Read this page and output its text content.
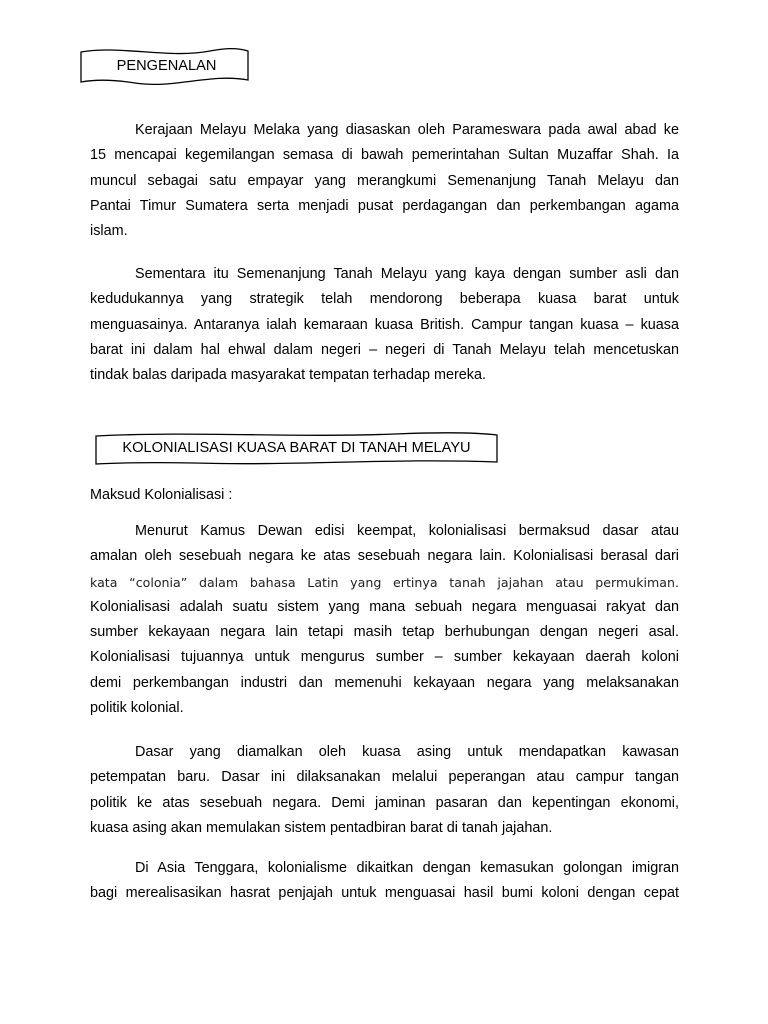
PENGENALAN
Kerajaan Melayu Melaka yang diasaskan oleh Parameswara pada awal abad ke
15 mencapai kegemilangan semasa di bawah pemerintahan Sultan Muzaffar Shah. Ia
muncul sebagai satu empayar yang merangkumi Semenanjung Tanah Melayu dan
Pantai Timur Sumatera serta menjadi pusat perdagangan dan perkembangan agama
islam.
Sementara itu Semenanjung Tanah Melayu yang kaya dengan sumber asli dan
kedudukannya yang strategik telah mendorong beberapa kuasa barat untuk
menguasainya. Antaranya ialah kemaraan kuasa British. Campur tangan kuasa – kuasa
barat ini dalam hal ehwal dalam negeri – negeri di Tanah Melayu telah mencetuskan
tindak balas daripada masyarakat tempatan terhadap mereka.
KOLONIALISASI KUASA BARAT DI TANAH MELAYU
Maksud Kolonialisasi :
Menurut Kamus Dewan edisi keempat, kolonialisasi bermaksud dasar atau
amalan oleh sesebuah negara ke atas sesebuah negara lain. Kolonialisasi berasal dari
kata “colonia” dalam bahasa Latin yang ertinya tanah jajahan atau permukiman.
Kolonialisasi adalah suatu sistem yang mana sebuah negara menguasai rakyat dan
sumber kekayaan negara lain tetapi masih tetap berhubungan dengan negeri asal.
Kolonialisasi tujuannya untuk mengurus sumber – sumber kekayaan daerah koloni
demi perkembangan industri dan memenuhi kekayaan negara yang melaksanakan
politik kolonial.
Dasar yang diamalkan oleh kuasa asing untuk mendapatkan kawasan
petempatan baru. Dasar ini dilaksanakan melalui peperangan atau campur tangan
politik ke atas sesebuah negara. Demi jaminan pasaran dan kepentingan ekonomi,
kuasa asing akan memulakan sistem pentadbiran barat di tanah jajahan.
Di Asia Tenggara, kolonialisme dikaitkan dengan kemasukan golongan imigran
bagi merealisasikan hasrat penjajah untuk menguasai hasil bumi koloni dengan cepat
